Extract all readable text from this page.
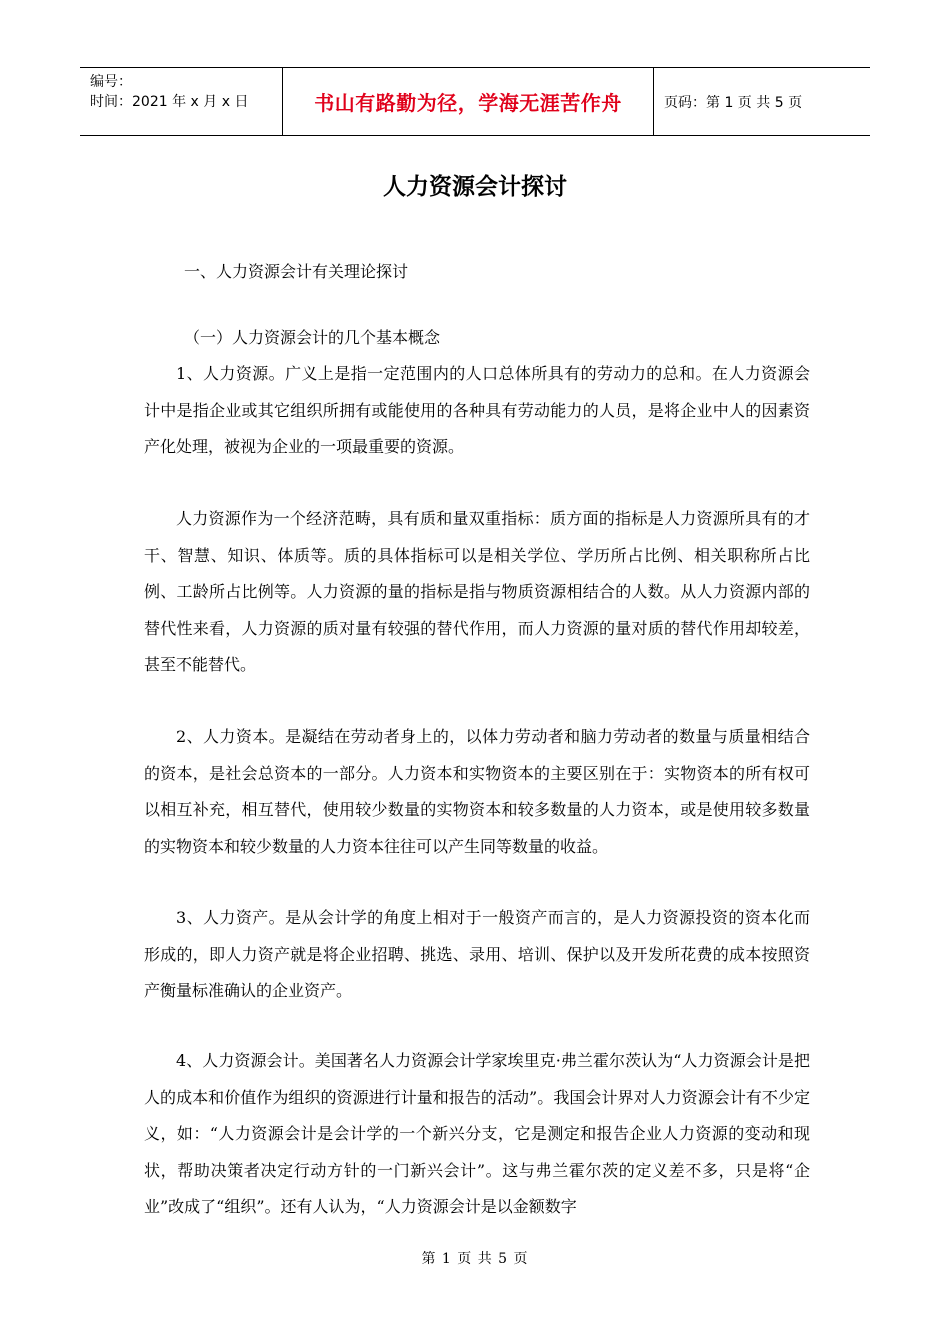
编号：
时间：2021 年 x 月 x 日	书山有路勤为径，学海无涯苦作舟	页码：第 1 页 共 5 页
人力资源会计探讨
一、人力资源会计有关理论探讨
（一）人力资源会计的几个基本概念
1、人力资源。广义上是指一定范围内的人口总体所具有的劳动力的总和。在人力资源会计中是指企业或其它组织所拥有或能使用的各种具有劳动能力的人员，是将企业中人的因素资产化处理，被视为企业的一项最重要的资源。
人力资源作为一个经济范畴，具有质和量双重指标：质方面的指标是人力资源所具有的才干、智慧、知识、体质等。质的具体指标可以是相关学位、学历所占比例、相关职称所占比例、工龄所占比例等。人力资源的量的指标是指与物质资源相结合的人数。从人力资源内部的替代性来看，人力资源的质对量有较强的替代作用，而人力资源的量对质的替代作用却较差，甚至不能替代。
2、人力资本。是凝结在劳动者身上的，以体力劳动者和脑力劳动者的数量与质量相结合的资本，是社会总资本的一部分。人力资本和实物资本的主要区别在于：实物资本的所有权可以相互补充，相互替代，使用较少数量的实物资本和较多数量的人力资本，或是使用较多数量的实物资本和较少数量的人力资本往往可以产生同等数量的收益。
3、人力资产。是从会计学的角度上相对于一般资产而言的，是人力资源投资的资本化而形成的，即人力资产就是将企业招聘、挑选、录用、培训、保护以及开发所花费的成本按照资产衡量标准确认的企业资产。
4、人力资源会计。美国著名人力资源会计学家埃里克·弗兰霍尔茨认为“人力资源会计是把人的成本和价值作为组织的资源进行计量和报告的活动”。我国会计界对人力资源会计有不少定义，如：“人力资源会计是会计学的一个新兴分支，它是测定和报告企业人力资源的变动和现状，帮助决策者决定行动方针的一门新兴会计”。这与弗兰霍尔茨的定义差不多，只是将“企业”改成了“组织”。还有人认为，“人力资源会计是以金额数字
第 1 页 共 5 页
